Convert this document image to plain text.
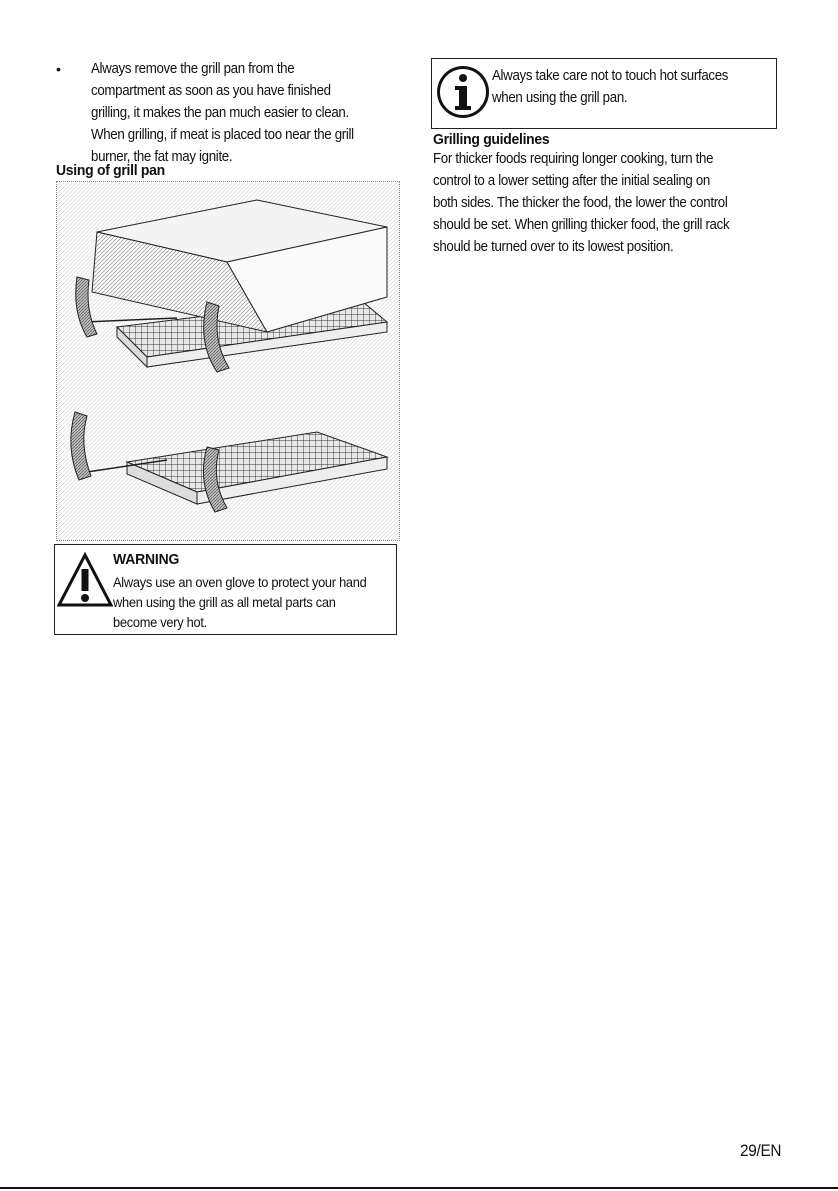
• Always remove the grill pan from the
compartment as soon as you have finished
grilling, it makes the pan much easier to clean.
When grilling, if meat is placed too near the grill
burner, the fat may ignite.
Using of grill pan
WARNING
Always use an oven glove to protect your hand
when using the grill as all metal parts can
become very hot.
Always take care not to touch hot surfaces
when using the grill pan.
Grilling guidelines
For thicker foods requiring longer cooking, turn the
control to a lower setting after the initial sealing on
both sides. The thicker the food, the lower the control
should be set. When grilling thicker food, the grill rack
should be turned over to its lowest position.
29/EN
